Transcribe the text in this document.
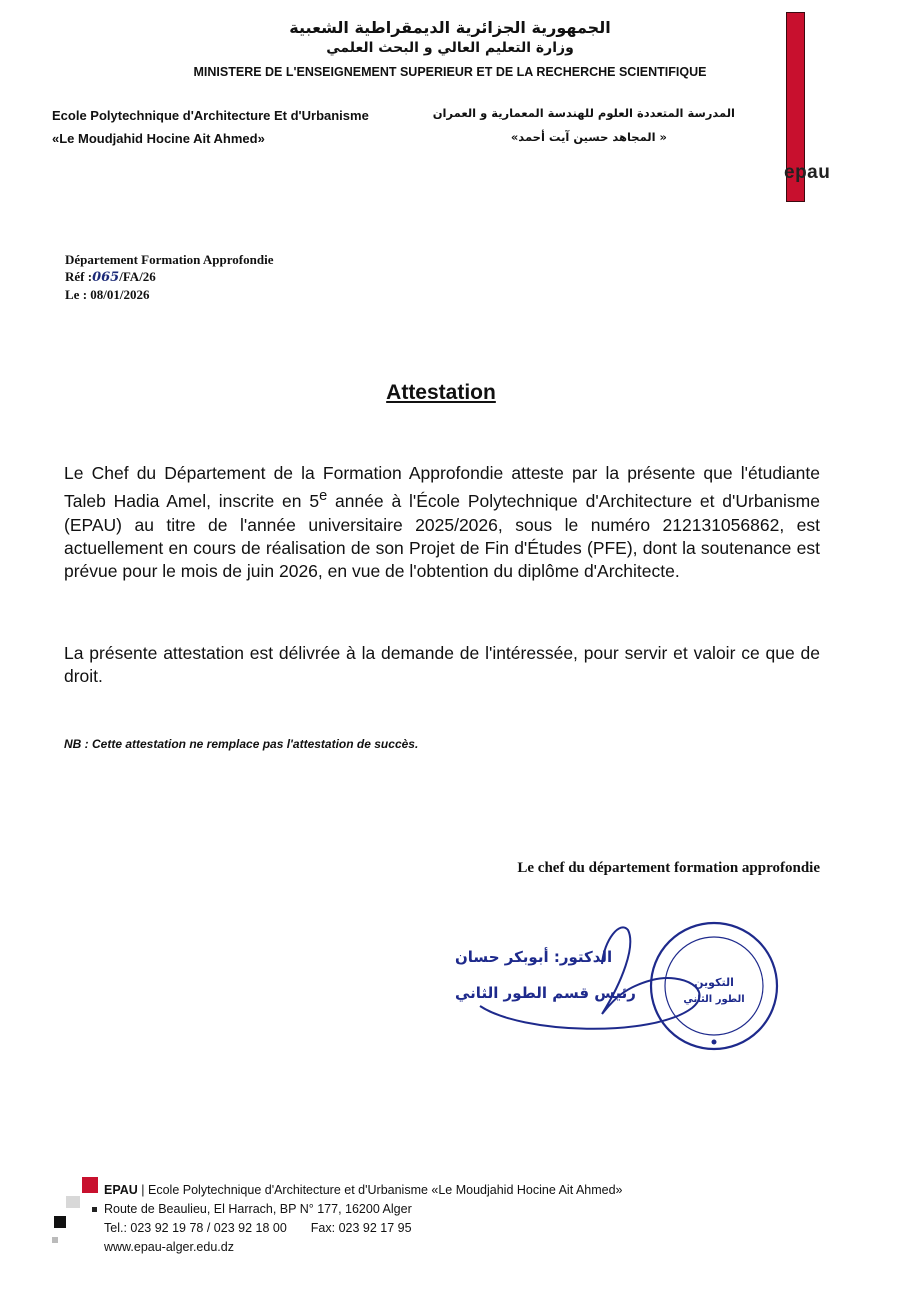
الجمهورية الجزائرية الديمقراطية الشعبية
وزارة التعليم العالي و البحث العلمي
MINISTERE DE L'ENSEIGNEMENT SUPERIEUR ET DE LA RECHERCHE SCIENTIFIQUE
Ecole Polytechnique d'Architecture Et d'Urbanisme
«Le Moudjahid Hocine Ait Ahmed»
المدرسة المتعددة العلوم للهندسة المعمارية و العمران
« المجاهد حسين آيت أحمد»
epau
Département Formation Approfondie
Réf :065/FA/26
Le : 08/01/2026
Attestation
Le Chef du Département de la Formation Approfondie atteste par la présente que l'étudiante Taleb Hadia Amel, inscrite en 5e année à l'École Polytechnique d'Architecture et d'Urbanisme (EPAU) au titre de l'année universitaire 2025/2026, sous le numéro 212131056862, est actuellement en cours de réalisation de son Projet de Fin d'Études (PFE), dont la soutenance est prévue pour le mois de juin 2026, en vue de l'obtention du diplôme d'Architecte.
La présente attestation est délivrée à la demande de l'intéressée, pour servir et valoir ce que de droit.
NB : Cette attestation ne remplace pas l'attestation de succès.
Le chef du département formation approfondie
التكوين
الطور الثاني
الدكتور: أبوبكر حسان
رئيس قسم الطور الثاني
EPAU | Ecole Polytechnique d'Architecture et d'Urbanisme «Le Moudjahid Hocine Ait Ahmed»
Route de Beaulieu, El Harrach, BP N° 177, 16200 Alger
Tel.: 023 92 19 78 / 023 92 18 00 Fax: 023 92 17 95
www.epau-alger.edu.dz
